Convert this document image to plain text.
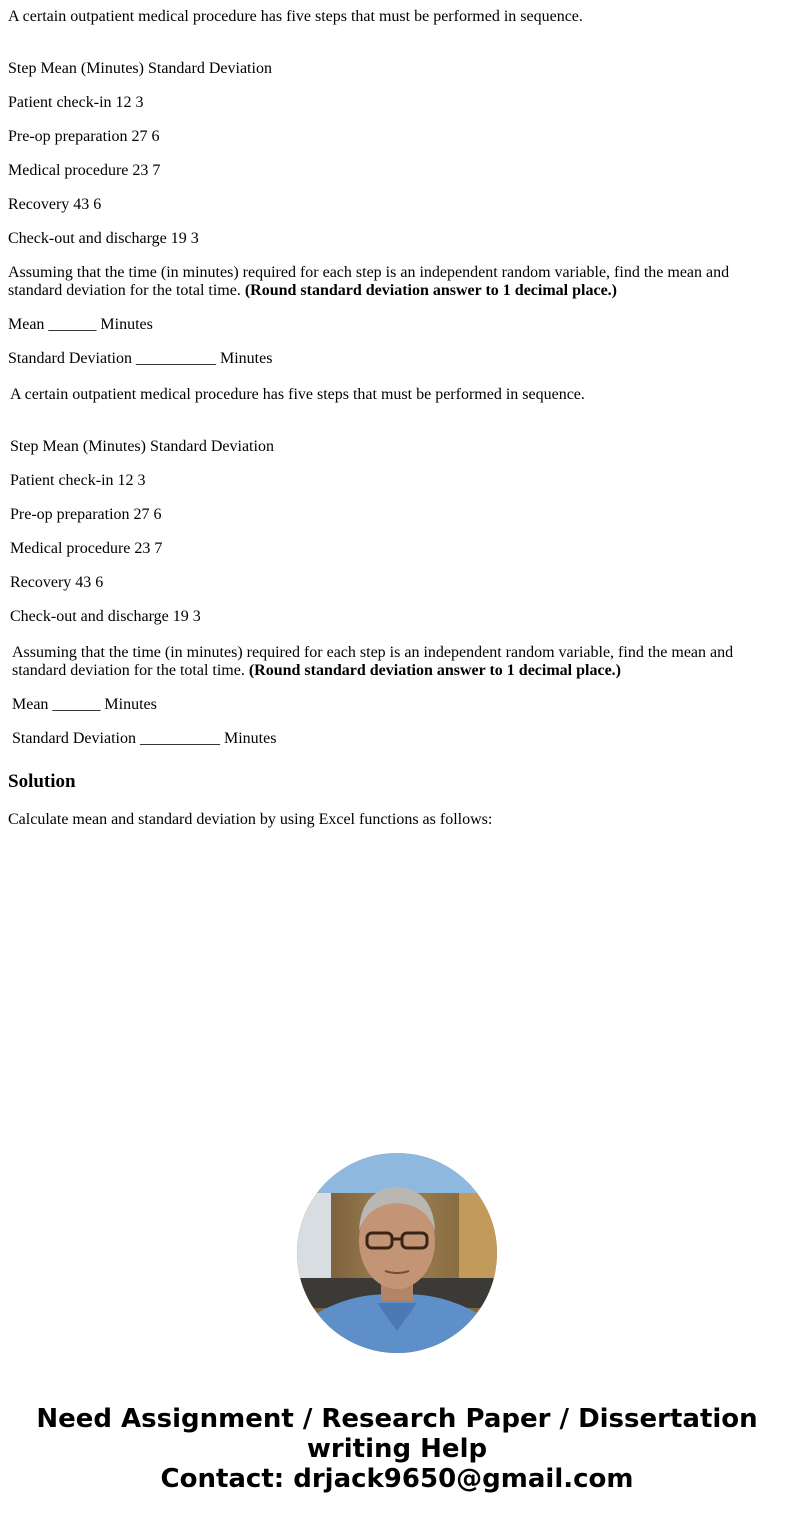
A certain outpatient medical procedure has five steps that must be performed in sequence.
Step Mean (Minutes) Standard Deviation
Patient check-in 12 3
Pre-op preparation 27 6
Medical procedure 23 7
Recovery 43 6
Check-out and discharge 19 3
Assuming that the time (in minutes) required for each step is an independent random variable, find the mean and standard deviation for the total time. (Round standard deviation answer to 1 decimal place.)
Mean ______ Minutes
Standard Deviation __________ Minutes
A certain outpatient medical procedure has five steps that must be performed in sequence.
Step Mean (Minutes) Standard Deviation
Patient check-in 12 3
Pre-op preparation 27 6
Medical procedure 23 7
Recovery 43 6
Check-out and discharge 19 3
Assuming that the time (in minutes) required for each step is an independent random variable, find the mean and standard deviation for the total time. (Round standard deviation answer to 1 decimal place.)
Mean ______ Minutes
Standard Deviation __________ Minutes
Solution
Calculate mean and standard deviation by using Excel functions as follows:
Need Assignment / Research Paper / Dissertation
writing Help
Contact: drjack9650@gmail.com
